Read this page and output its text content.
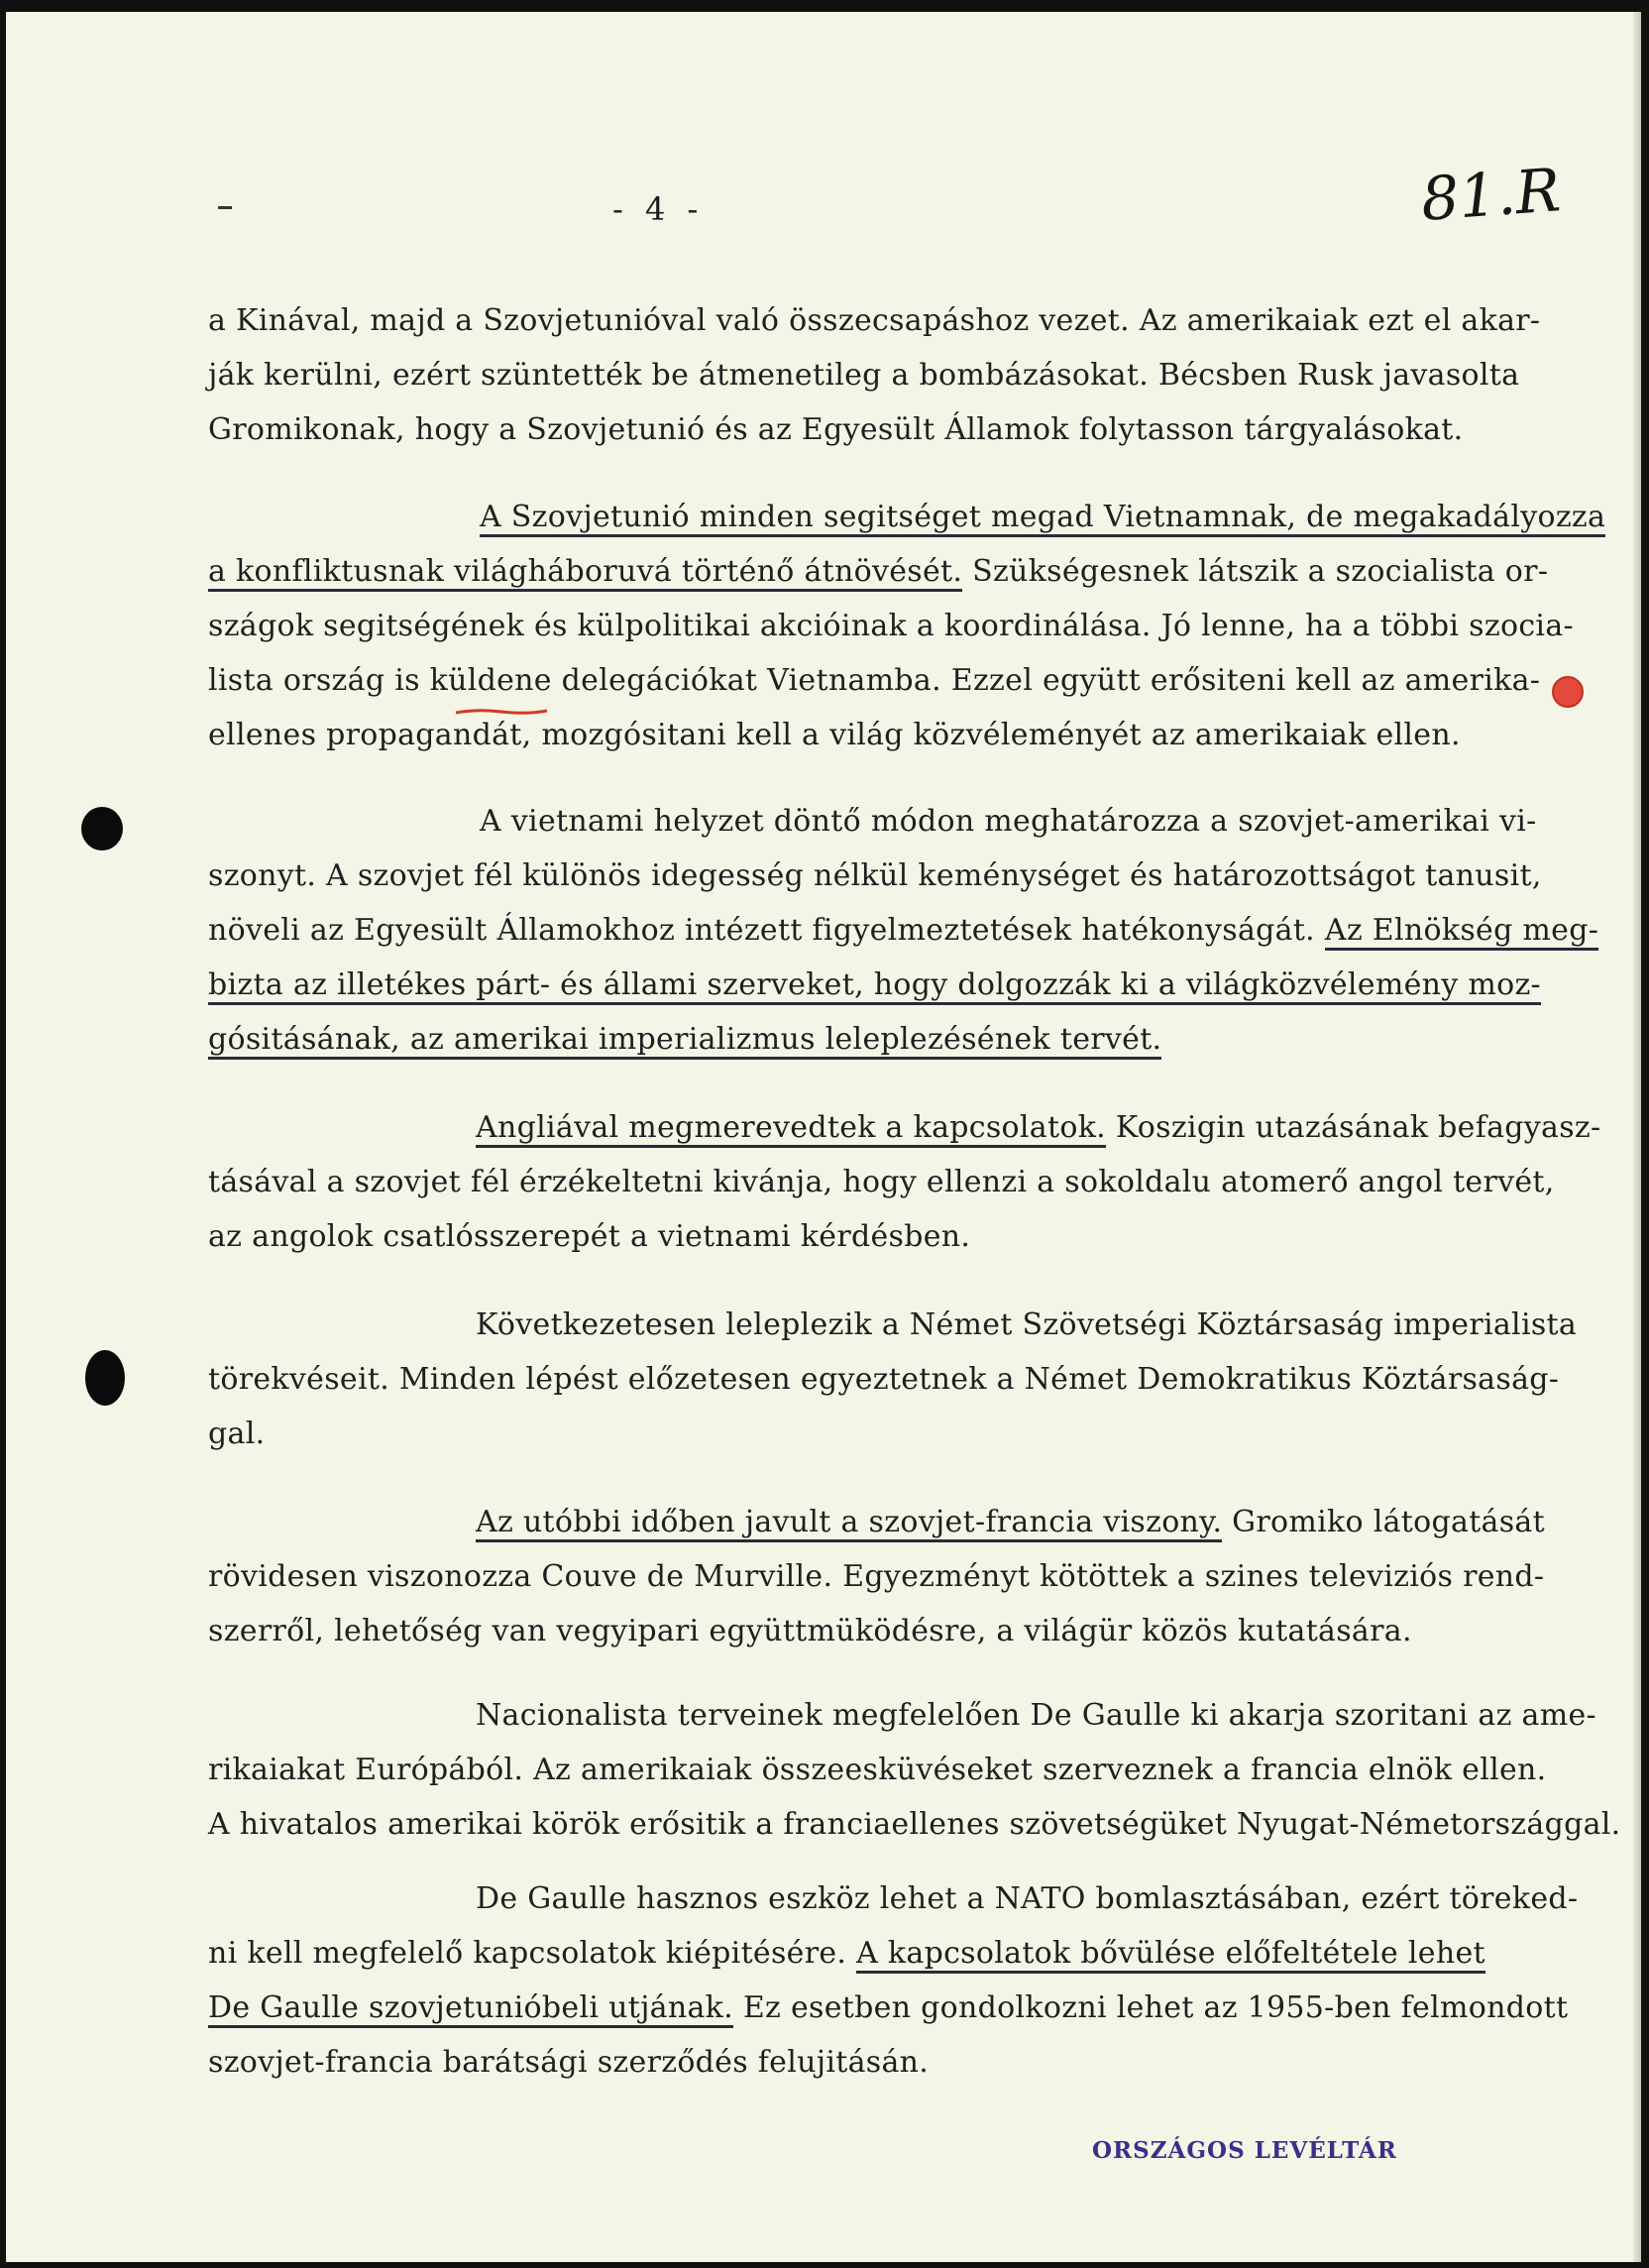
- 4 -	81.R
a Kinával, majd a Szovjetunióval való összecsapáshoz vezet. Az amerikaiak ezt el akar-
ják kerülni, ezért szüntették be átmenetileg a bombázásokat. Bécsben Rusk javasolta
Gromikonak, hogy a Szovjetunió és az Egyesült Államok folytasson tárgyalásokat.
A Szovjetunió minden segitséget megad Vietnamnak, de megakadályozza
a konfliktusnak világháboruvá történő átnövését. Szükségesnek látszik a szocialista or-
szágok segitségének és külpolitikai akcióinak a koordinálása. Jó lenne, ha a többi szocia-
lista ország is küldene delegációkat Vietnamba. Ezzel együtt erősiteni kell az amerika-
ellenes propagandát, mozgósitani kell a világ közvéleményét az amerikaiak ellen.
A vietnami helyzet döntő módon meghatározza a szovjet-amerikai vi-
szonyt. A szovjet fél különös idegesség nélkül keménységet és határozottságot tanusit,
növeli az Egyesült Államokhoz intézett figyelmeztetések hatékonyságát. Az Elnökség meg-
bizta az illetékes párt- és állami szerveket, hogy dolgozzák ki a világközvélemény moz-
gósitásának, az amerikai imperializmus leleplezésének tervét.
Angliával megmerevedtek a kapcsolatok. Koszigin utazásának befagyasz-
tásával a szovjet fél érzékeltetni kivánja, hogy ellenzi a sokoldalu atomerő angol tervét,
az angolok csatlósszerepét a vietnami kérdésben.
Következetesen leleplezik a Német Szövetségi Köztársaság imperialista
törekvéseit. Minden lépést előzetesen egyeztetnek a Német Demokratikus Köztársaság-
gal.
Az utóbbi időben javult a szovjet-francia viszony. Gromiko látogatását
rövidesen viszonozza Couve de Murville. Egyezményt kötöttek a szines televiziós rend-
szerről, lehetőség van vegyipari együttmüködésre, a világür közös kutatására.
Nacionalista terveinek megfelelően De Gaulle ki akarja szoritani az ame-
rikaiakat Európából. Az amerikaiak összeesküvéseket szerveznek a francia elnök ellen.
A hivatalos amerikai körök erősitik a franciaellenes szövetségüket Nyugat-Németországgal.
De Gaulle hasznos eszköz lehet a NATO bomlasztásában, ezért töreked-
ni kell megfelelő kapcsolatok kiépitésére. A kapcsolatok bővülése előfeltétele lehet
De Gaulle szovjetunióbeli utjának. Ez esetben gondolkozni lehet az 1955-ben felmondott
szovjet-francia barátsági szerződés felujitásán.
ORSZÁGOS LEVÉLTÁR
